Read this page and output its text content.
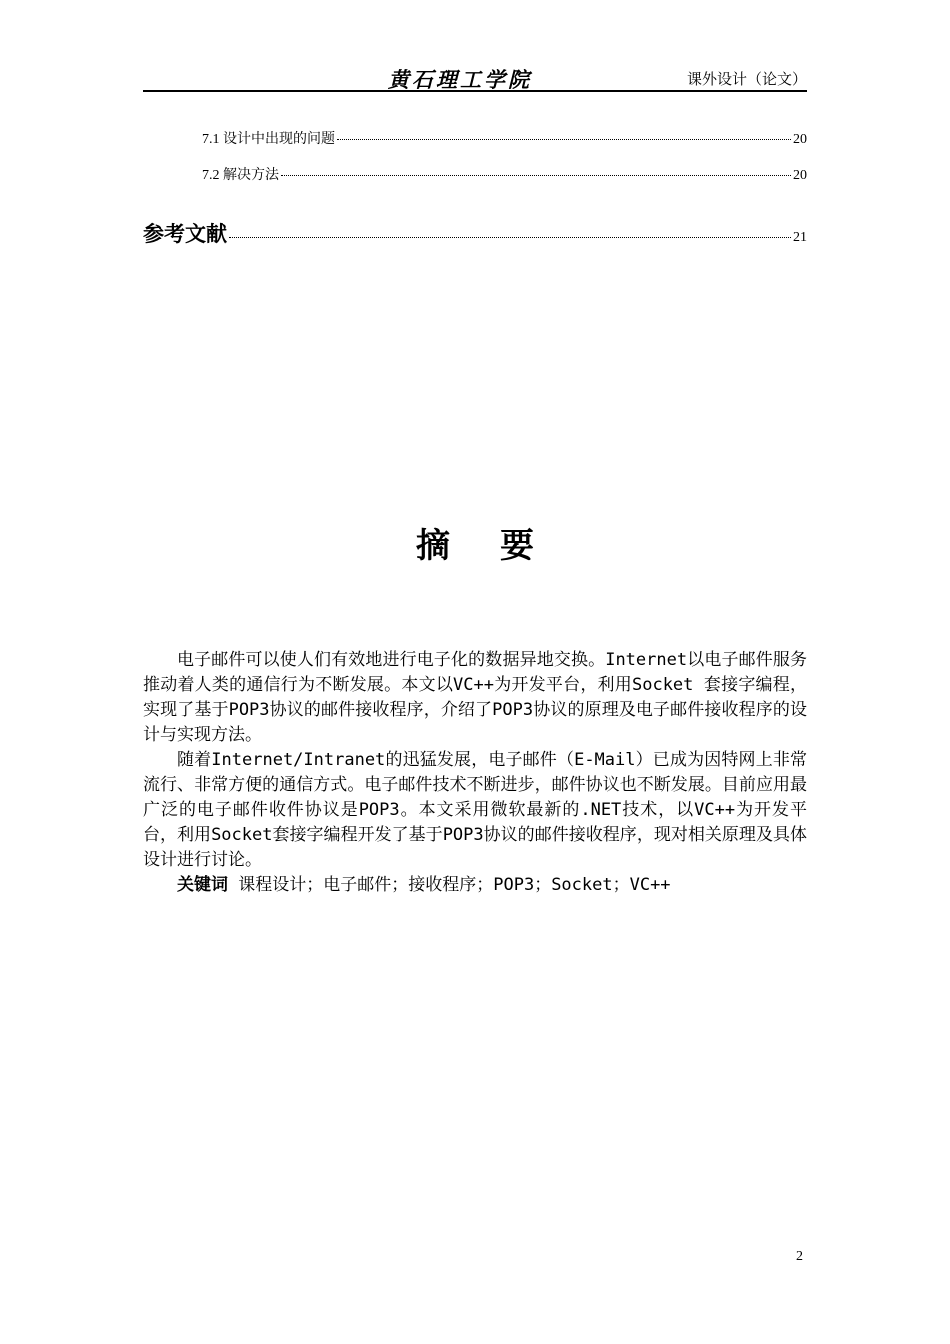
黄石理工学院	课外设计（论文）
7.1 设计中出现的问题	20
7.2 解决方法	20
参考文献	21
摘要

电子邮件可以使人们有效地进行电子化的数据异地交换。Internet以电子邮件服务推动着人类的通信行为不断发展。本文以VC++为开发平台，利用Socket 套接字编程，实现了基于POP3协议的邮件接收程序，介绍了POP3协议的原理及电子邮件接收程序的设计与实现方法。

随着Internet/Intranet的迅猛发展，电子邮件（E-Mail）已成为因特网上非常流行、非常方便的通信方式。电子邮件技术不断进步，邮件协议也不断发展。目前应用最广泛的电子邮件收件协议是POP3。本文采用微软最新的.NET技术，以VC++为开发平台，利用Socket套接字编程开发了基于POP3协议的邮件接收程序，现对相关原理及具体设计进行讨论。

关键词 课程设计；电子邮件；接收程序；POP3；Socket；VC++

2
